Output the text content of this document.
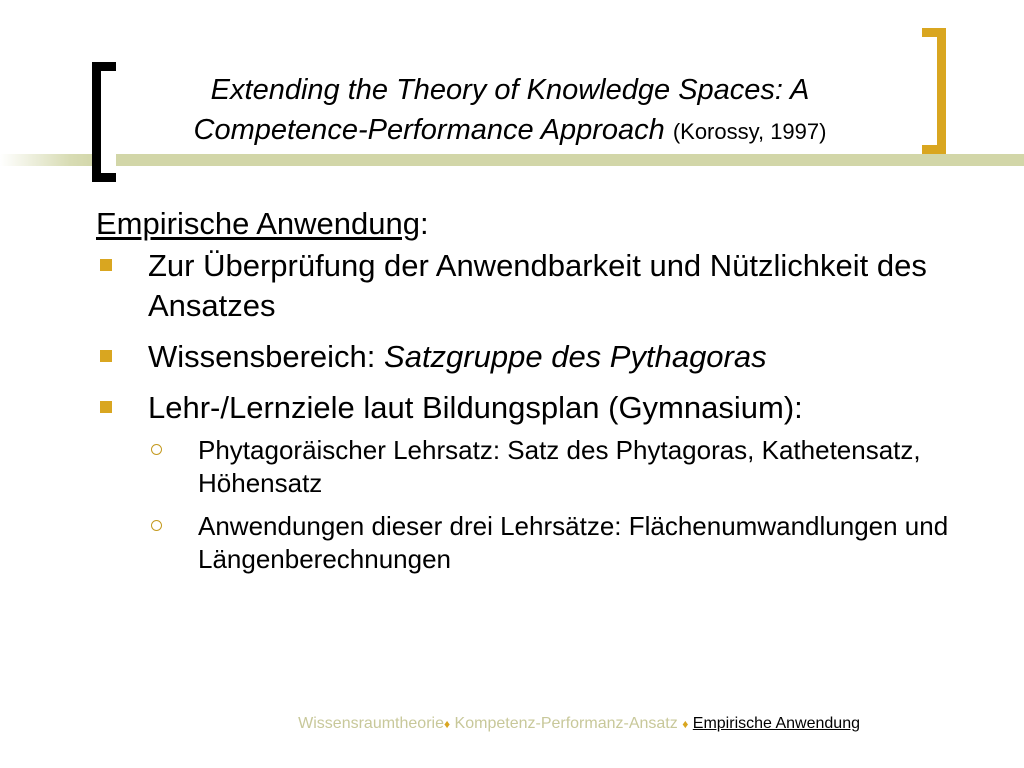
Extending the Theory of Knowledge Spaces: A
Competence-Performance Approach (Korossy, 1997)
Empirische Anwendung:
Zur Überprüfung der Anwendbarkeit und Nützlichkeit des Ansatzes
Wissensbereich: Satzgruppe des Pythagoras
Lehr-/Lernziele laut Bildungsplan (Gymnasium):
Phytagoräischer Lehrsatz: Satz des Phytagoras, Kathetensatz, Höhensatz
Anwendungen dieser drei Lehrsätze: Flächenumwandlungen und Längenberechnungen
Wissensraumtheorie♦ Kompetenz-Performanz-Ansatz ♦ Empirische Anwendung
